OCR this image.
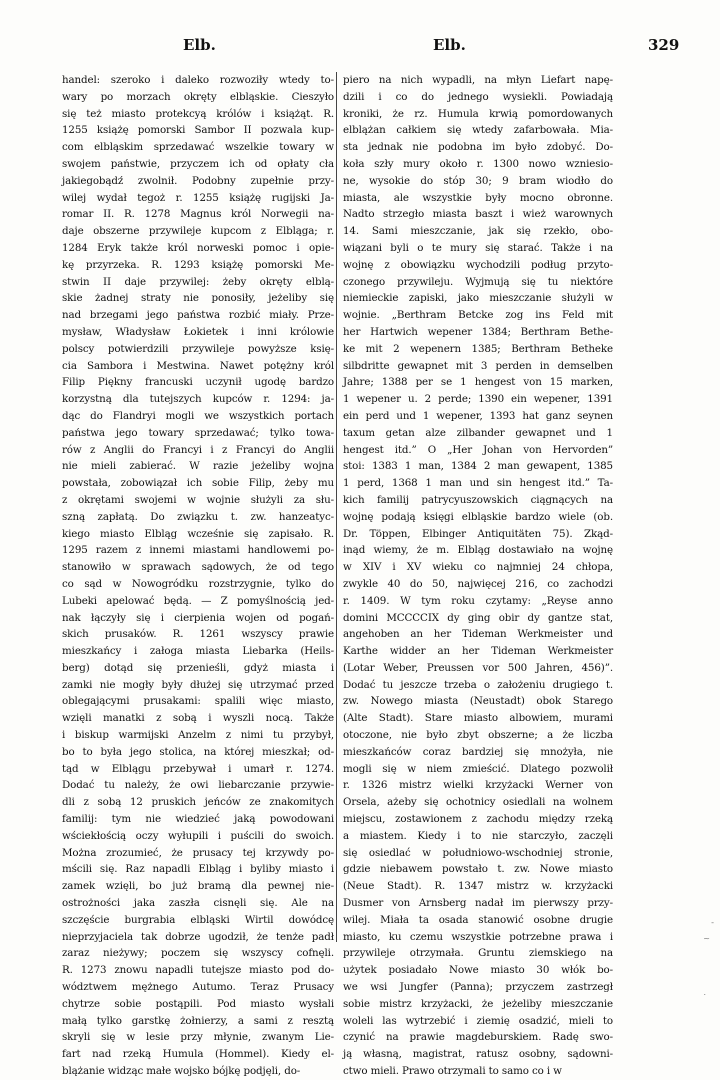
Elb.	Elb.	329
handel: szeroko i daleko rozwoziły wtedy to-
wary po morzach okręty elbląskie. Cieszyło
się też miasto protekcyą królów i książąt. R.
1255 książę pomorski Sambor II pozwala kup-
com elbląskim sprzedawać wszelkie towary w
swojem państwie, przyczem ich od opłaty cła
jakiegobądź zwolnił. Podobny zupełnie przy-
wilej wydał tegoż r. 1255 książę rugijski Ja-
romar II. R. 1278 Magnus król Norwegii na-
daje obszerne przywileje kupcom z Elbląga; r.
1284 Eryk także król norweski pomoc i opie-
kę przyrzeka. R. 1293 książę pomorski Me-
stwin II daje przywilej: żeby okręty elblą-
skie żadnej straty nie ponosiły, jeżeliby się
nad brzegami jego państwa rozbić miały. Prze-
mysław, Władysław Łokietek i inni królowie
polscy potwierdzili przywileje powyższe księ-
cia Sambora i Mestwina. Nawet potężny król
Filip Piękny francuski uczynił ugodę bardzo
korzystną dla tutejszych kupców r. 1294: ja-
dąc do Flandryi mogli we wszystkich portach
państwa jego towary sprzedawać; tylko towa-
rów z Anglii do Francyi i z Francyi do Anglii
nie mieli zabierać. W razie jeżeliby wojna
powstała, zobowiązał ich sobie Filip, żeby mu
z okrętami swojemi w wojnie służyli za słu-
szną zapłatą. Do związku t. zw. hanzeatyc-
kiego miasto Elbląg wcześnie się zapisało. R.
1295 razem z innemi miastami handlowemi po-
stanowiło w sprawach sądowych, że od tego
co sąd w Nowogródku rozstrzygnie, tylko do
Lubeki apelować będą. — Z pomyślnością jed-
nak łączyły się i cierpienia wojen od pogań-
skich prusaków. R. 1261 wszyscy prawie
mieszkańcy i załoga miasta Liebarka (Heils-
berg) dotąd się przenieśli, gdyż miasta i
zamki nie mogły były dłużej się utrzymać przed
oblegającymi prusakami: spalili więc miasto,
wzięli manatki z sobą i wyszli nocą. Także
i biskup warmijski Anzelm z nimi tu przybył,
bo to była jego stolica, na której mieszkał; od-
tąd w Elblągu przebywał i umarł r. 1274.
Dodać tu należy, że owi liebarczanie przywie-
dli z sobą 12 pruskich jeńców ze znakomitych
familij: tym nie wiedzieć jaką powodowani
wściekłością oczy wyłupili i puścili do swoich.
Można zrozumieć, że prusacy tej krzywdy po-
mścili się. Raz napadli Elbląg i byliby miasto i
zamek wzięli, bo już bramą dla pewnej nie-
ostrożności jaka zaszła cisnęli się. Ale na
szczęście burgrabia elbląski Wirtil dowódcę
nieprzyjaciela tak dobrze ugodził, że tenże padł
zaraz nieżywy; poczem się wszyscy cofnęli.
R. 1273 znowu napadli tutejsze miasto pod do-
wództwem mężnego Autumo. Teraz Prusacy
chytrze sobie postąpili. Pod miasto wysłali
małą tylko garstkę żołnierzy, a sami z resztą
skryli się w lesie przy młynie, zwanym Lie-
fart nad rzeką Humula (Hommel). Kiedy el-
blążanie widząc małe wojsko bójkę podjęli, do-
piero na nich wypadli, na młyn Liefart napę-
dzili i co do jednego wysiekli. Powiadają
kroniki, że rz. Humula krwią pomordowanych
elblążan całkiem się wtedy zafarbowała. Mia-
sta jednak nie podobna im było zdobyć. Do-
koła szły mury około r. 1300 nowo wzniesio-
ne, wysokie do stóp 30; 9 bram wiodło do
miasta, ale wszystkie były mocno obronne.
Nadto strzegło miasta baszt i wież warownych
14. Sami mieszczanie, jak się rzekło, obo-
wiązani byli o te mury się starać. Także i na
wojnę z obowiązku wychodzili podług przyto-
czonego przywileju. Wyjmują się tu niektóre
niemieckie zapiski, jako mieszczanie służyli w
wojnie. „Berthram Betcke zog ins Feld mit
her Hartwich wepener 1384; Berthram Bethe-
ke mit 2 wepenern 1385; Berthram Betheke
silbdritte gewapnet mit 3 perden in demselben
Jahre; 1388 per se 1 hengest von 15 marken,
1 wepener u. 2 perde; 1390 ein wepener, 1391
ein perd und 1 wepener, 1393 hat ganz seynen
taxum getan alze zilbander gewapnet und 1
hengest itd.” O „Her Johan von Hervorden”
stoi: 1383 1 man, 1384 2 man gewapent, 1385
1 perd, 1368 1 man und sin hengest itd.” Ta-
kich familij patrycyuszowskich ciągnących na
wojnę podają księgi elbląskie bardzo wiele (ob.
Dr. Töppen, Elbinger Antiquitäten 75). Zkąd-
inąd wiemy, że m. Elbląg dostawiało na wojnę
w XIV i XV wieku co najmniej 24 chłopa,
zwykle 40 do 50, najwięcej 216, co zachodzi
r. 1409. W tym roku czytamy: „Reyse anno
domini MCCCCIX dy ging obir dy gantze stat,
angehoben an her Tideman Werkmeister und
Karthe widder an her Tideman Werkmeister
(Lotar Weber, Preussen vor 500 Jahren, 456)”.
Dodać tu jeszcze trzeba o założeniu drugiego t.
zw. Nowego miasta (Neustadt) obok Starego
(Alte Stadt). Stare miasto albowiem, murami
otoczone, nie było zbyt obszerne; a że liczba
mieszkańców coraz bardziej się mnożyła, nie
mogli się w niem zmieścić. Dlatego pozwolił
r. 1326 mistrz wielki krzyżacki Werner von
Orsela, ażeby się ochotnicy osiedlali na wolnem
miejscu, zostawionem z zachodu między rzeką
a miastem. Kiedy i to nie starczyło, zaczęli
się osiedlać w południowo-wschodniej stronie,
gdzie niebawem powstało t. zw. Nowe miasto
(Neue Stadt). R. 1347 mistrz w. krzyżacki
Dusmer von Arnsberg nadał im pierwszy przy-
wilej. Miała ta osada stanowić osobne drugie
miasto, ku czemu wszystkie potrzebne prawa i
przywileje otrzymała. Gruntu ziemskiego na
użytek posiadało Nowe miasto 30 włók bo-
we wsi Jungfer (Panna); przyczem zastrzegł
sobie mistrz krzyżacki, że jeżeliby mieszczanie
woleli las wytrzebić i ziemię osadzić, mieli to
czynić na prawie magdeburskiem. Radę swo-
ją własną, magistrat, ratusz osobny, sądowni-
ctwo mieli. Prawo otrzymali to samo co i w
-
~
.
